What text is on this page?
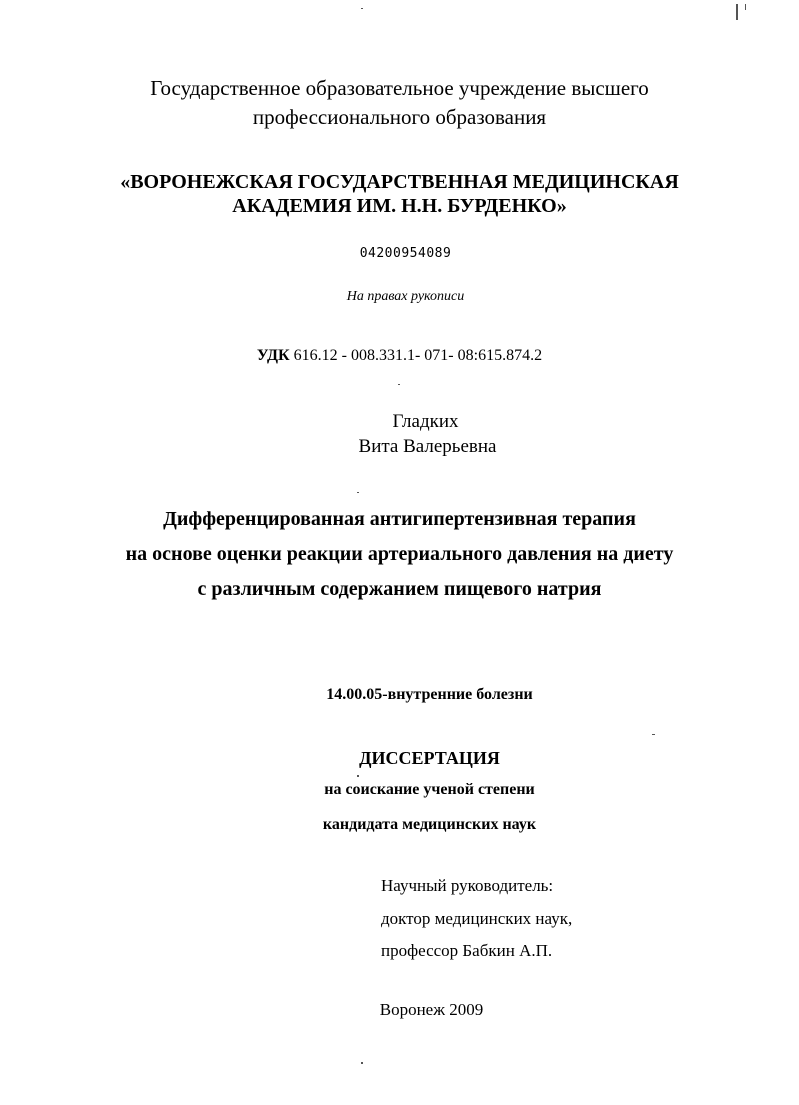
Государственное образовательное учреждение высшего
профессионального образования
«ВОРОНЕЖСКАЯ ГОСУДАРСТВЕННАЯ МЕДИЦИНСКАЯ
АКАДЕМИЯ ИМ. Н.Н. БУРДЕНКО»
04200954089
На правах рукописи
УДК 616.12 - 008.331.1- 071- 08:615.874.2
Гладких
Вита Валерьевна
Дифференцированная антигипертензивная терапия
на основе оценки реакции артериального давления на диету
с различным содержанием пищевого натрия
14.00.05-внутренние болезни
ДИССЕРТАЦИЯ
на соискание ученой степени
кандидата медицинских наук
Научный руководитель:
доктор медицинских наук,
профессор Бабкин А.П.
Воронеж 2009
